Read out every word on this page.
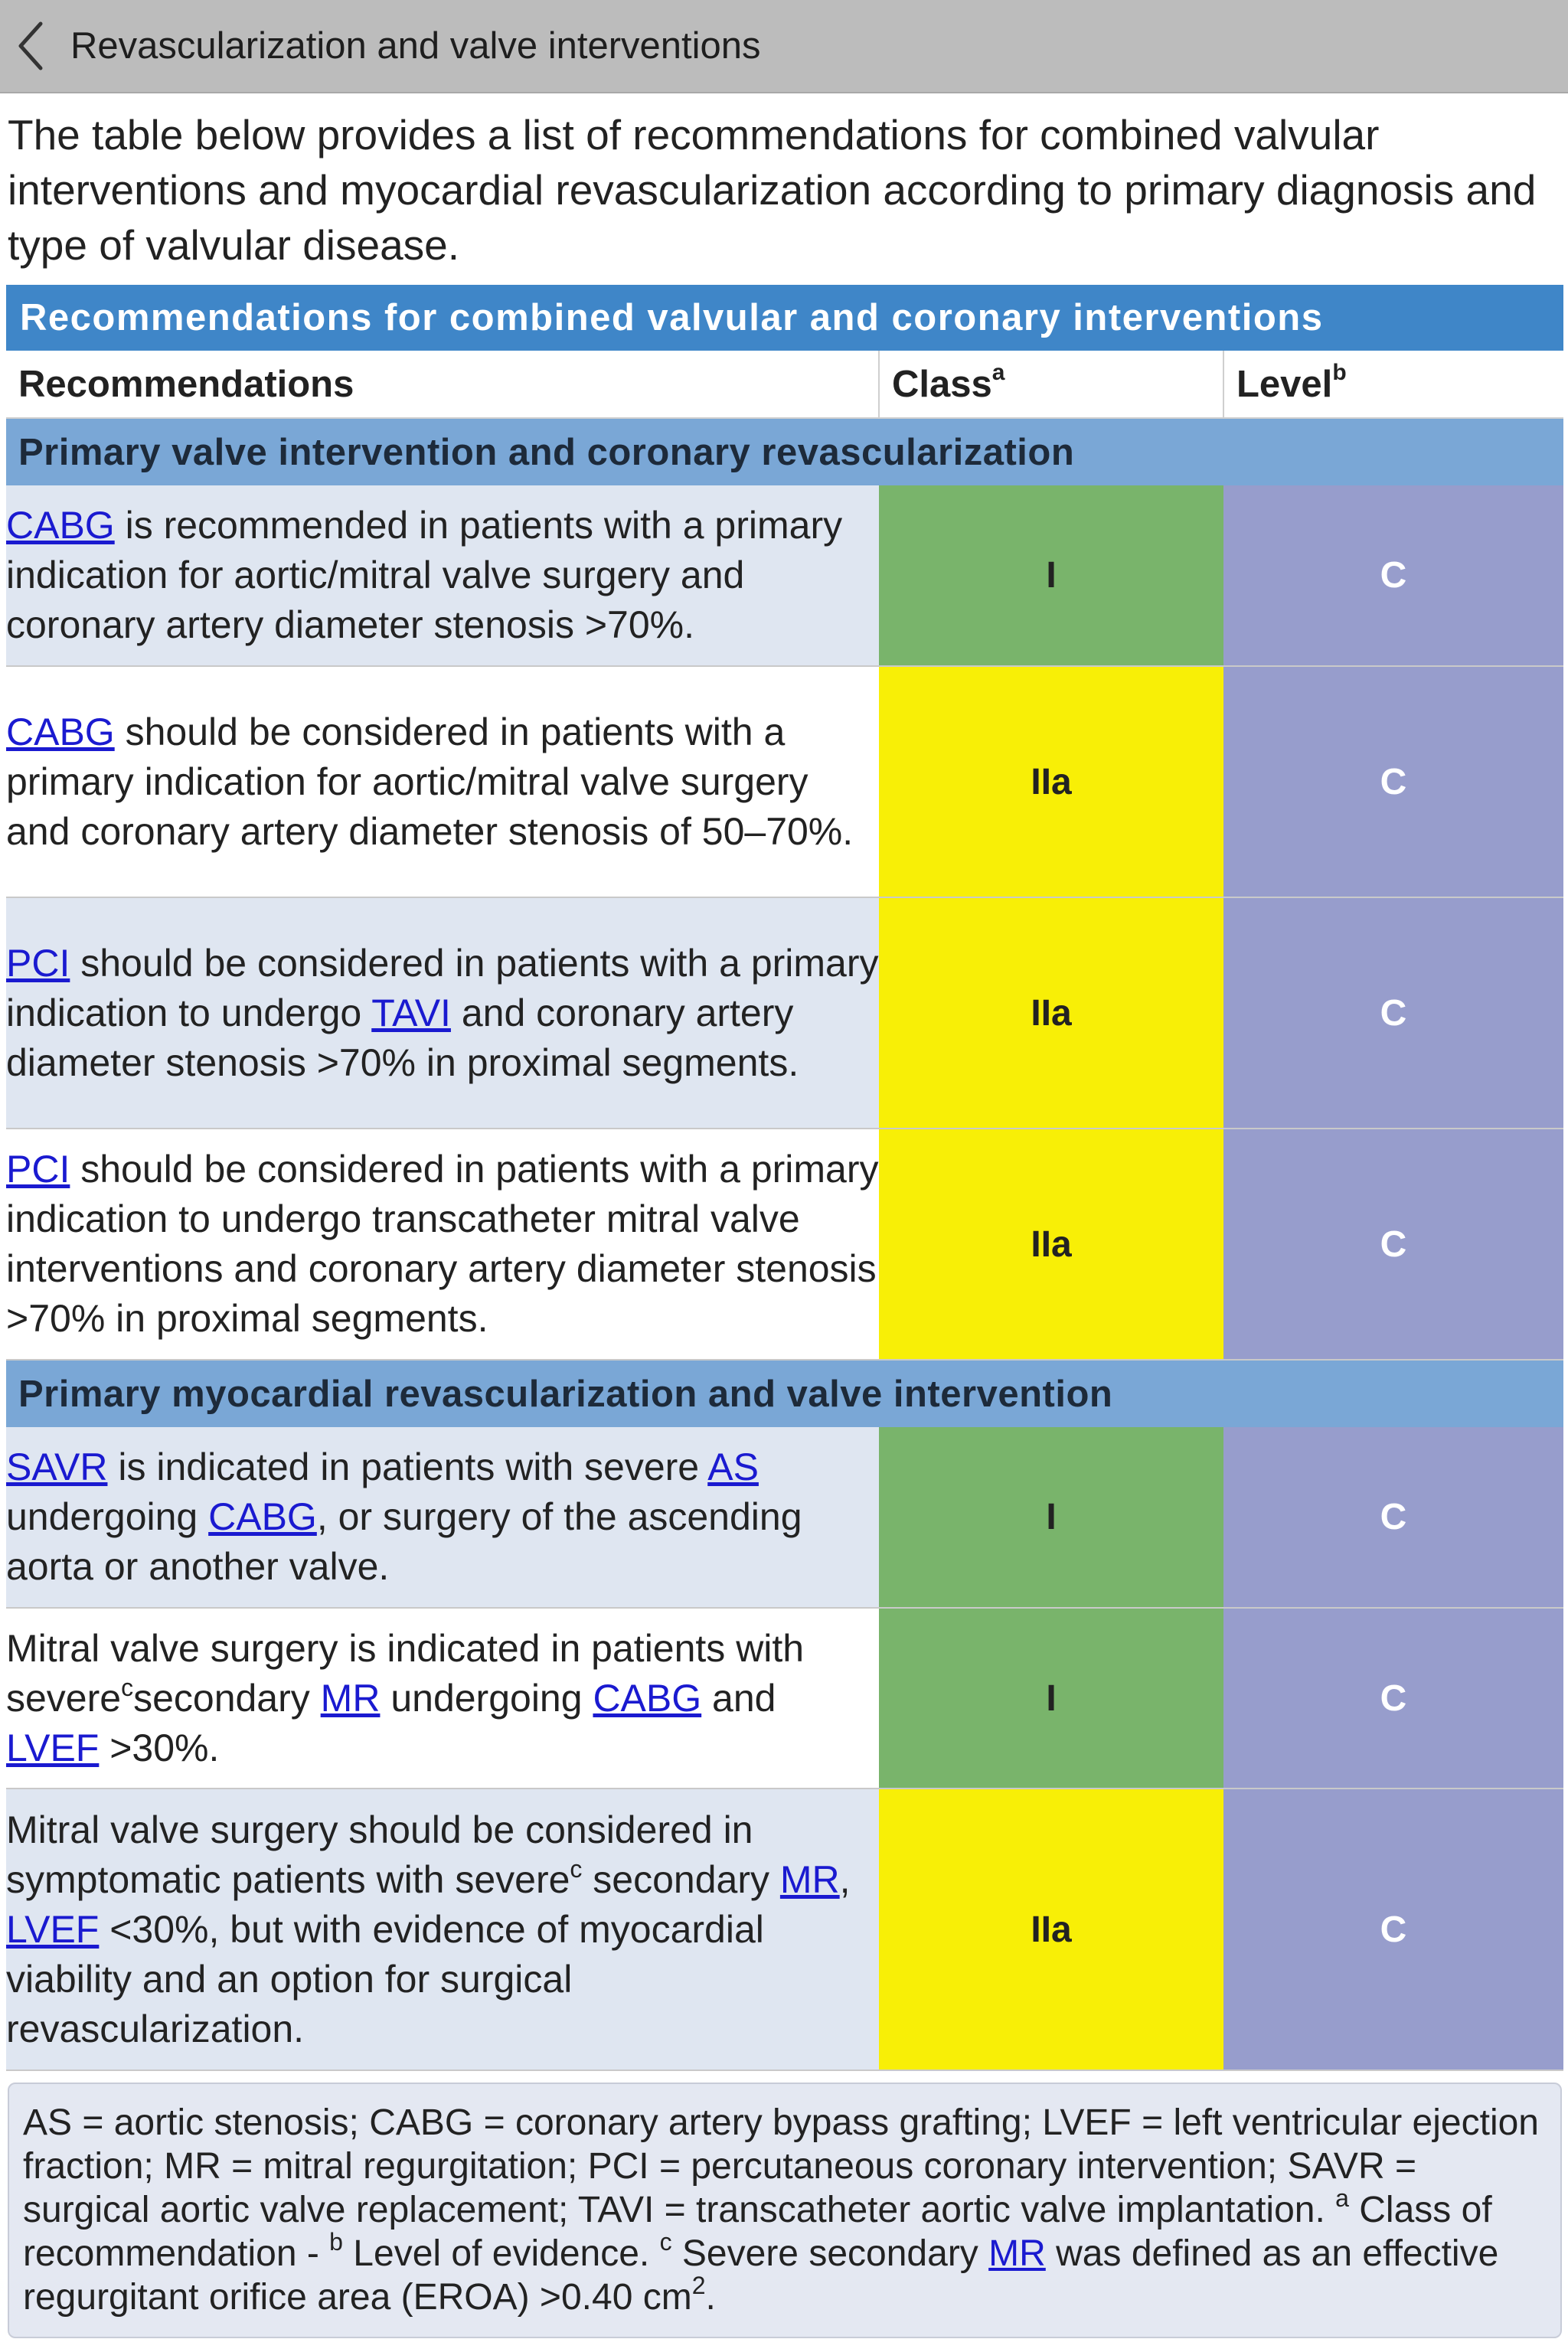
Revascularization and valve interventions
The table below provides a list of recommendations for combined valvular interventions and myocardial revascularization according to primary diagnosis and type of valvular disease.
Recommendations for combined valvular and coronary interventions		
Recommendations	Class$^a$	Level$^b$
Primary valve intervention and coronary revascularization		
CABG is recommended in patients with a primary indication for aortic/mitral valve surgery and coronary artery diameter stenosis >70%.	I	C
CABG should be considered in patients with a primary indication for aortic/mitral valve surgery and coronary artery diameter stenosis of 50–70%.	IIa	C
PCI should be considered in patients with a primary indication to undergo TAVI and coronary artery diameter stenosis >70% in proximal segments.	IIa	C
PCI should be considered in patients with a primary indication to undergo transcatheter mitral valve interventions and coronary artery diameter stenosis >70% in proximal segments.	IIa	C
Primary myocardial revascularization and valve intervention		
SAVR is indicated in patients with severe AS undergoing CABG, or surgery of the ascending aorta or another valve.	I	C
Mitral valve surgery is indicated in patients with severe$^c$secondary MR undergoing CABG and LVEF >30%.	I	C
Mitral valve surgery should be considered in symptomatic patients with severe$^c$ secondary MR, LVEF <30%, but with evidence of myocardial viability and an option for surgical revascularization.	IIa	C
AS = aortic stenosis; CABG = coronary artery bypass grafting; LVEF = left ventricular ejection fraction; MR = mitral regurgitation; PCI = percutaneous coronary intervention; SAVR = surgical aortic valve replacement; TAVI = transcatheter aortic valve implantation. $^a$ Class of recommendation - $^b$ Level of evidence. $^c$ Severe secondary MR was defined as an effective regurgitant orifice area (EROA) >0.40 $cm^2$.
